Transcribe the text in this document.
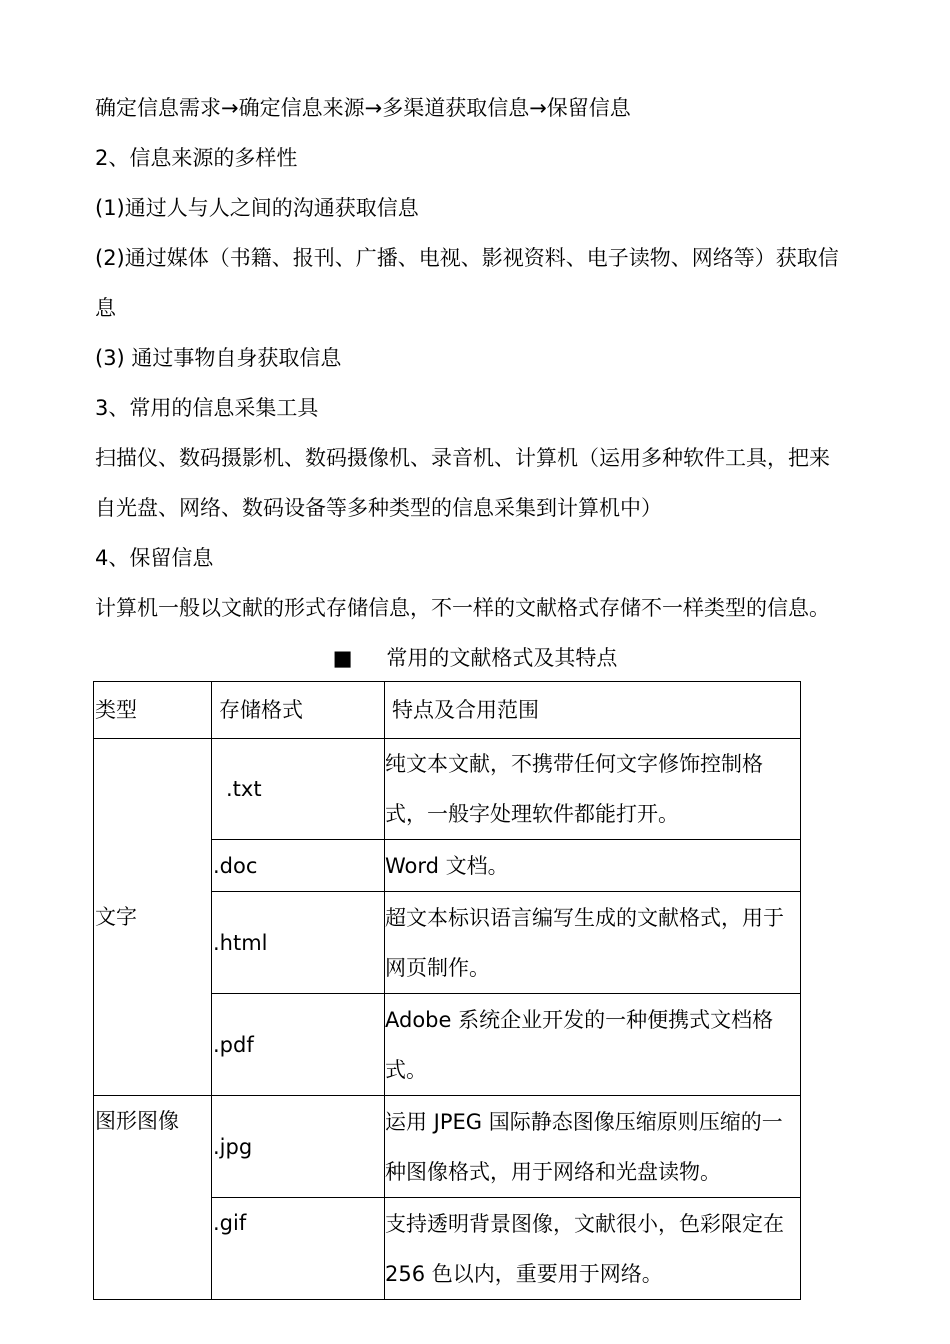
确定信息需求→确定信息来源→多渠道获取信息→保留信息
2、信息来源的多样性
(1)通过人与人之间的沟通获取信息
(2)通过媒体（书籍、报刊、广播、电视、影视资料、电子读物、网络等）获取信
息
(3) 通过事物自身获取信息
3、常用的信息采集工具
扫描仪、数码摄影机、数码摄像机、录音机、计算机（运用多种软件工具，把来
自光盘、网络、数码设备等多种类型的信息采集到计算机中）
4、保留信息
计算机一般以文献的形式存储信息，不一样的文献格式存储不一样类型的信息。
■ 常用的文献格式及其特点
类型	存储格式	特点及合用范围
文字	.txt	纯文本文献，不携带任何文字修饰控制格式，一般字处理软件都能打开。
	.doc	Word 文档。
	.html	超文本标识语言编写生成的文献格式，用于网页制作。
	.pdf	Adobe 系统企业开发的一种便携式文档格式。
图形图像	.jpg	运用 JPEG 国际静态图像压缩原则压缩的一种图像格式，用于网络和光盘读物。
	.gif	支持透明背景图像，文献很小，色彩限定在 256 色以内，重要用于网络。
